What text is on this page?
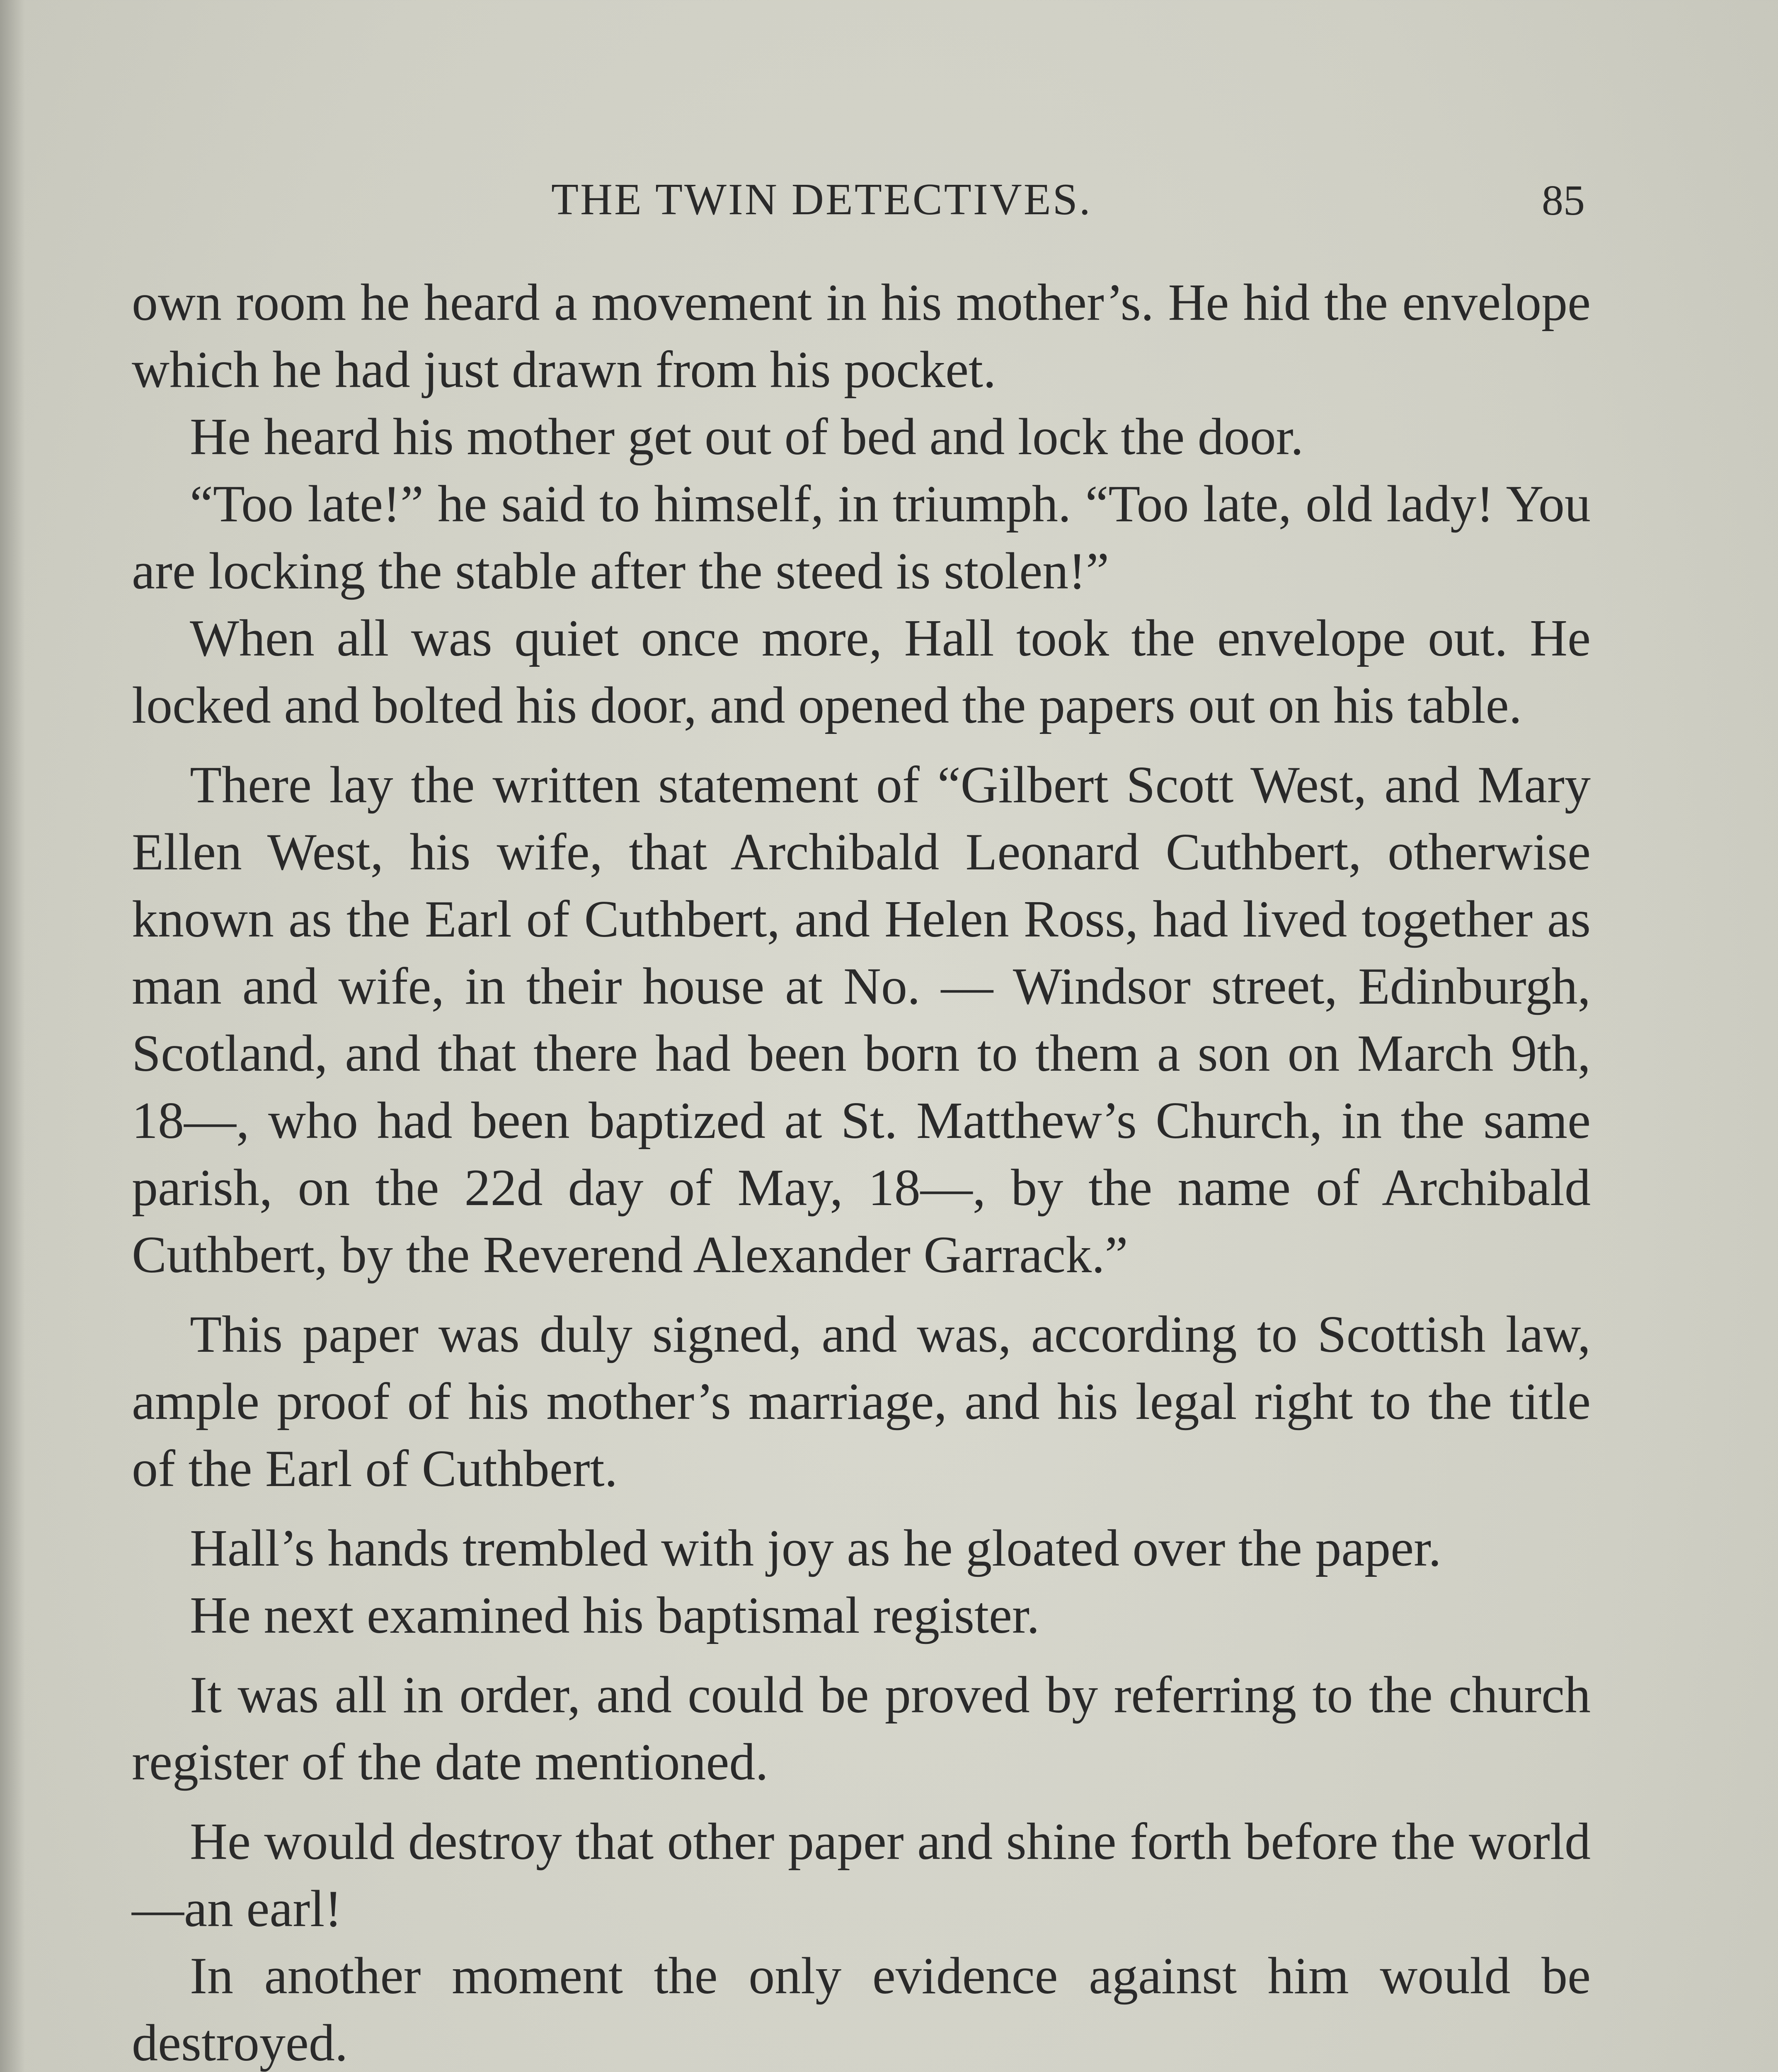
THE TWIN DETECTIVES.	85

own room he heard a movement in his mother’s. He hid the envelope which he had just drawn from his pocket.

He heard his mother get out of bed and lock the door.

“Too late!” he said to himself, in triumph. “Too late, old lady! You are locking the stable after the steed is stolen!”

When all was quiet once more, Hall took the envelope out. He locked and bolted his door, and opened the papers out on his table.

There lay the written statement of “Gilbert Scott West, and Mary Ellen West, his wife, that Archibald Leonard Cuthbert, otherwise known as the Earl of Cuthbert, and Helen Ross, had lived together as man and wife, in their house at No. — Windsor street, Edinburgh, Scotland, and that there had been born to them a son on March 9th, 18—, who had been baptized at St. Matthew’s Church, in the same parish, on the 22d day of May, 18—, by the name of Archibald Cuthbert, by the Reverend Alexander Garrack.”

This paper was duly signed, and was, according to Scottish law, ample proof of his mother’s marriage, and his legal right to the title of the Earl of Cuthbert.

Hall’s hands trembled with joy as he gloated over the paper.

He next examined his baptismal register.

It was all in order, and could be proved by referring to the church register of the date mentioned.

He would destroy that other paper and shine forth before the world—an earl!

In another moment the only evidence against him would be destroyed.
